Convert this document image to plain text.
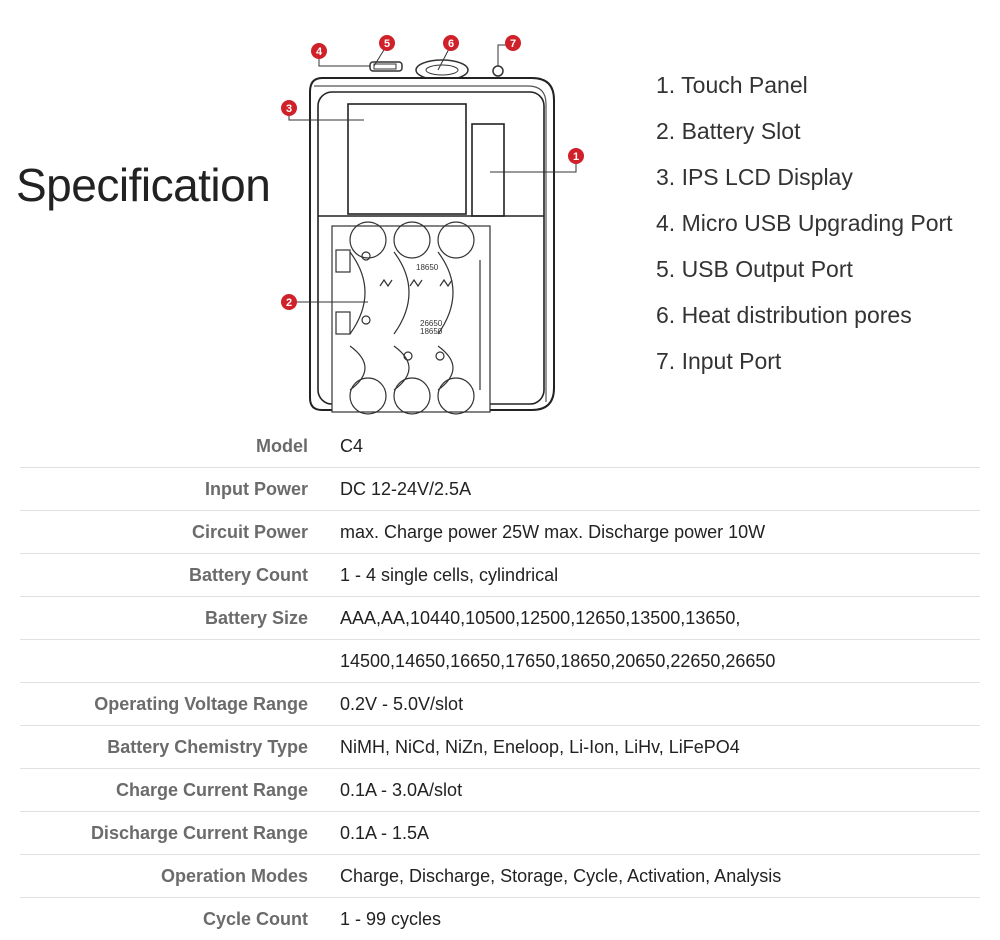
Specification
18650
26650
18650
1
2
3
4
5	6	7
1. Touch Panel
2. Battery Slot
3. IPS LCD Display
4. Micro USB Upgrading Port
5. USB Output Port
6. Heat distribution pores
7. Input Port
Model	C4
Input Power	DC 12-24V/2.5A
Circuit Power	max. Charge power 25W max. Discharge power 10W
Battery Count	1 - 4 single cells, cylindrical
Battery Size	AAA,AA,10440,10500,12500,12650,13500,13650,
	14500,14650,16650,17650,18650,20650,22650,26650
Operating Voltage Range	0.2V - 5.0V/slot
Battery Chemistry Type	NiMH, NiCd, NiZn, Eneloop, Li-Ion, LiHv, LiFePO4
Charge Current Range	0.1A - 3.0A/slot
Discharge Current Range	0.1A - 1.5A
Operation Modes	Charge, Discharge, Storage, Cycle, Activation, Analysis
Cycle Count	1 - 99 cycles
